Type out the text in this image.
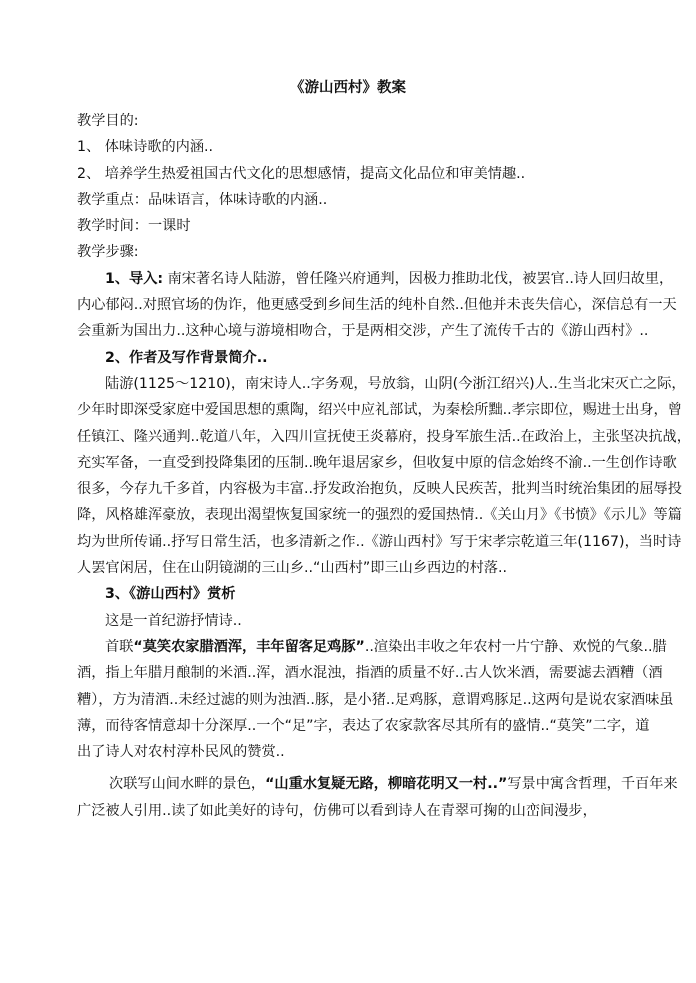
《游山西村》教案
教学目的:
1、 体味诗歌的内涵..
2、 培养学生热爱祖国古代文化的思想感情，提高文化品位和审美情趣..
教学重点：品味语言，体味诗歌的内涵..
教学时间：一课时
教学步骤:
1、导入: 南宋著名诗人陆游，曾任隆兴府通判，因极力推助北伐，被罢官..诗人回归故里，
内心郁闷..对照官场的伪诈，他更感受到乡间生活的纯朴自然..但他并未丧失信心，深信总有一天
会重新为国出力..这种心境与游境相吻合，于是两相交涉，产生了流传千古的《游山西村》..
2、作者及写作背景简介..
陆游(1125～1210)，南宋诗人..字务观，号放翁，山阴(今浙江绍兴)人..生当北宋灭亡之际，
少年时即深受家庭中爱国思想的熏陶，绍兴中应礼部试，为秦桧所黜..孝宗即位，赐进士出身，曾
任镇江、隆兴通判..乾道八年，入四川宣抚使王炎幕府，投身军旅生活..在政治上，主张坚决抗战，
充实军备，一直受到投降集团的压制..晚年退居家乡，但收复中原的信念始终不渝..一生创作诗歌
很多，今存九千多首，内容极为丰富..抒发政治抱负，反映人民疾苦，批判当时统治集团的屈辱投
降，风格雄浑豪放，表现出渴望恢复国家统一的强烈的爱国热情..《关山月》《书愤》《示儿》等篇
均为世所传诵..抒写日常生活，也多清新之作..《游山西村》写于宋孝宗乾道三年(1167)，当时诗
人罢官闲居，住在山阴镜湖的三山乡..“山西村”即三山乡西边的村落..
3、《游山西村》赏析
这是一首纪游抒情诗..
首联“莫笑农家腊酒浑，丰年留客足鸡豚”..渲染出丰收之年农村一片宁静、欢悦的气象..腊
酒，指上年腊月酿制的米酒..浑，酒水混浊，指酒的质量不好..古人饮米酒，需要滤去酒糟（酒
糟），方为清酒..未经过滤的则为浊酒..豚，是小猪..足鸡豚，意谓鸡豚足..这两句是说农家酒味虽
薄，而待客情意却十分深厚..一个“足”字，表达了农家款客尽其所有的盛情..“莫笑”二字，道
出了诗人对农村淳朴民风的赞赏..
次联写山间水畔的景色，“山重水复疑无路，柳暗花明又一村..”写景中寓含哲理，千百年来
广泛被人引用..读了如此美好的诗句，仿佛可以看到诗人在青翠可掬的山峦间漫步，
